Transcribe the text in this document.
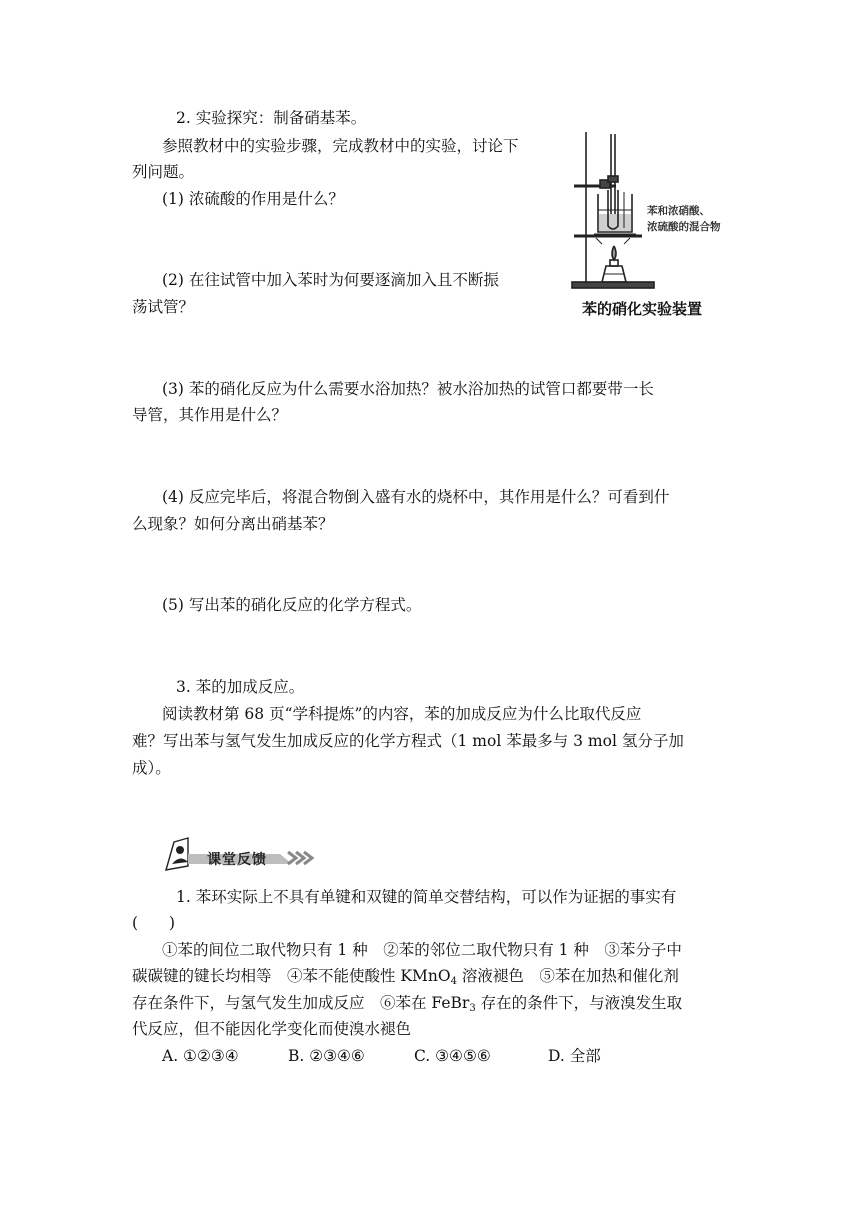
2. 实验探究：制备硝基苯。
参照教材中的实验步骤，完成教材中的实验，讨论下
列问题。
(1) 浓硫酸的作用是什么？
(2) 在往试管中加入苯时为何要逐滴加入且不断振
荡试管？
(3) 苯的硝化反应为什么需要水浴加热？被水浴加热的试管口都要带一长
导管，其作用是什么？
(4) 反应完毕后，将混合物倒入盛有水的烧杯中，其作用是什么？可看到什
么现象？如何分离出硝基苯？
(5) 写出苯的硝化反应的化学方程式。
苯和浓硝酸、
浓硫酸的混合物
苯的硝化实验装置
3. 苯的加成反应。
阅读教材第 68 页“学科提炼”的内容，苯的加成反应为什么比取代反应
难？写出苯与氢气发生加成反应的化学方程式（1 mol 苯最多与 3 mol 氢分子加
成）。
课堂反馈
1. 苯环实际上不具有单键和双键的简单交替结构，可以作为证据的事实有
(　　)
①苯的间位二取代物只有 1 种　②苯的邻位二取代物只有 1 种　③苯分子中
碳碳键的键长均相等　④苯不能使酸性 KMnO$_4$ 溶液褪色　⑤苯在加热和催化剂
存在条件下，与氢气发生加成反应　⑥苯在 FeBr$_3$ 存在的条件下，与液溴发生取
代反应，但不能因化学变化而使溴水褪色
A. ①②③④	B. ②③④⑥	C. ③④⑤⑥	D. 全部
